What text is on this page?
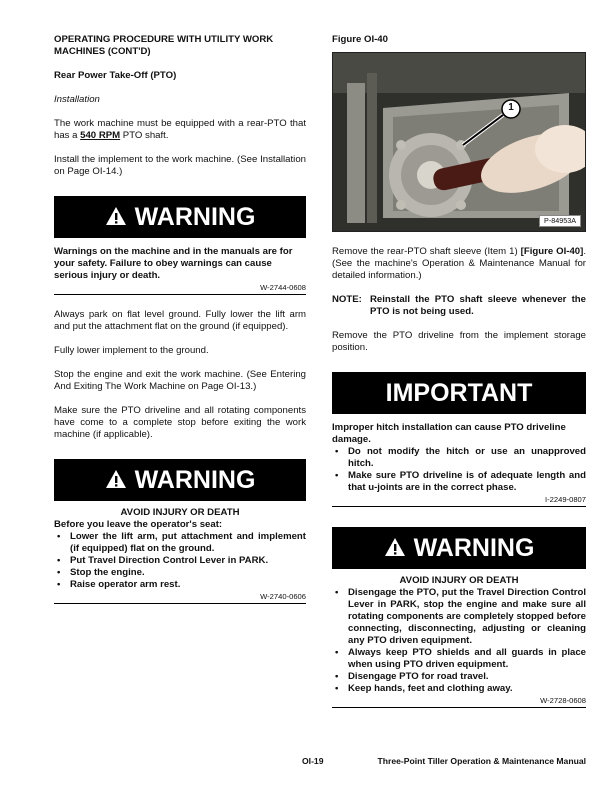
OPERATING PROCEDURE WITH UTILITY WORK MACHINES (CONT'D)
Rear Power Take-Off (PTO)

Installation

The work machine must be equipped with a rear-PTO that has a 540 RPM PTO shaft.

Install the implement to the work machine. (See Installation on Page OI-14.)

WARNING
Warnings on the machine and in the manuals are for your safety. Failure to obey warnings can cause serious injury or death.
W-2744-0608

Always park on flat level ground. Fully lower the lift arm and put the attachment flat on the ground (if equipped).

Fully lower implement to the ground.

Stop the engine and exit the work machine. (See Entering And Exiting The Work Machine on Page OI-13.)

Make sure the PTO driveline and all rotating components have come to a complete stop before exiting the work machine (if applicable).

WARNING
AVOID INJURY OR DEATH
Before you leave the operator's seat:
• Lower the lift arm, put attachment and implement (if equipped) flat on the ground.
• Put Travel Direction Control Lever in PARK.
• Stop the engine.
• Raise operator arm rest.
W-2740-0606
Figure OI-40
1
P-84953A

Remove the rear-PTO shaft sleeve (Item 1) [Figure OI-40]. (See the machine's Operation & Maintenance Manual for detailed information.)

NOTE: Reinstall the PTO shaft sleeve whenever the PTO is not being used.

Remove the PTO driveline from the implement storage position.

IMPORTANT
Improper hitch installation can cause PTO driveline damage.
• Do not modify the hitch or use an unapproved hitch.
• Make sure PTO driveline is of adequate length and that u-joints are in the correct phase.
I-2249-0807
WARNING
AVOID INJURY OR DEATH
• Disengage the PTO, put the Travel Direction Control Lever in PARK, stop the engine and make sure all rotating components are completely stopped before connecting, disconnecting, adjusting or cleaning any PTO driven equipment.
• Always keep PTO shields and all guards in place when using PTO driven equipment.
• Disengage PTO for road travel.
• Keep hands, feet and clothing away.
W-2728-0608
OI-19	Three-Point Tiller Operation & Maintenance Manual
